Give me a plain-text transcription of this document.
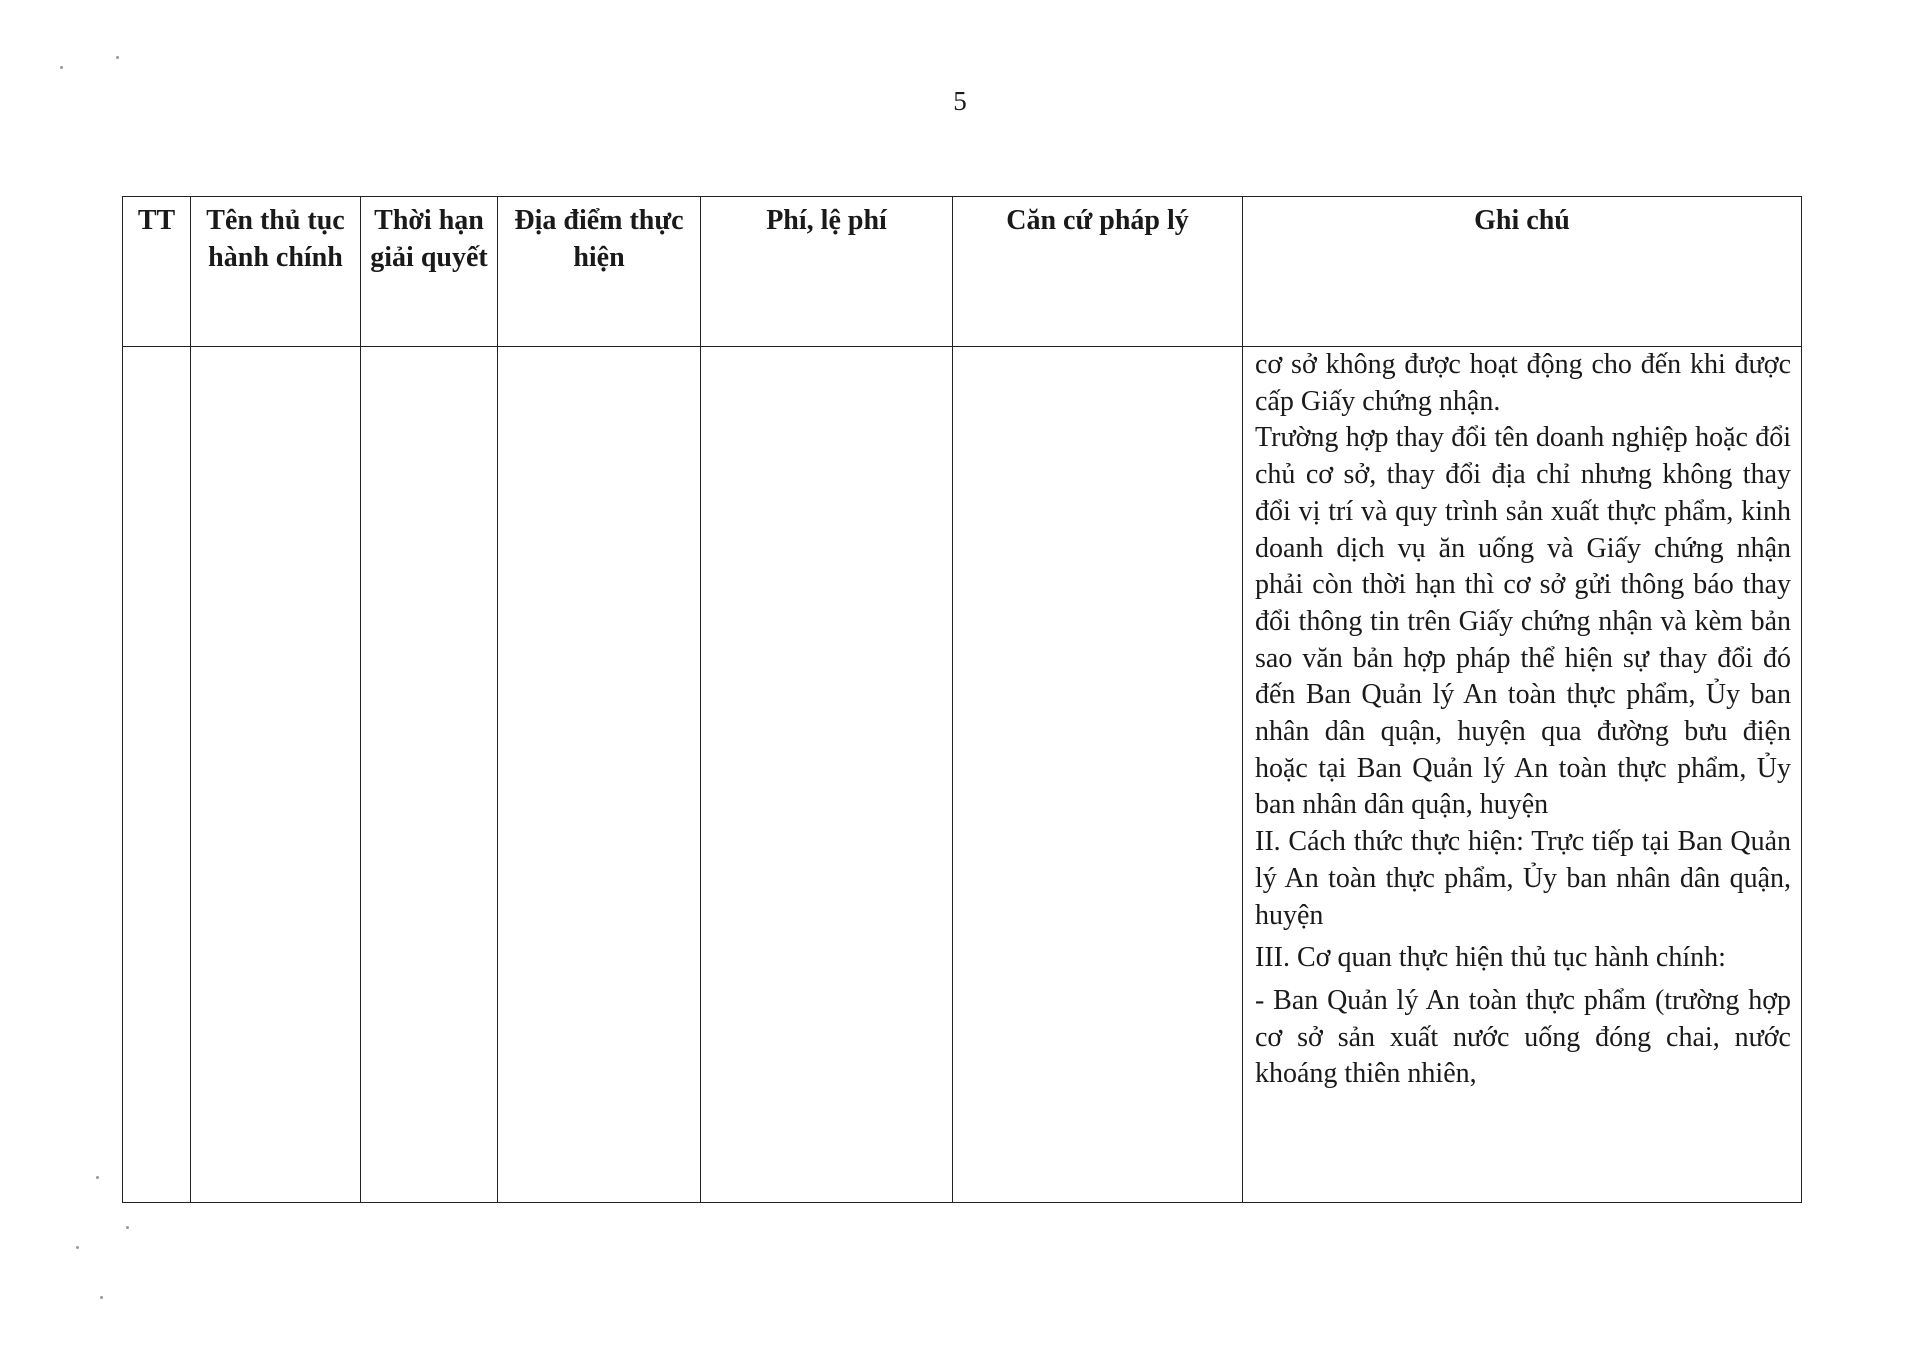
5
TT	Tên thủ tục hành chính	Thời hạn giải quyết	Địa điểm thực hiện	Phí, lệ phí	Căn cứ pháp lý	Ghi chú

						cơ sở không được hoạt động cho đến khi được cấp Giấy chứng nhận.

Trường hợp thay đổi tên doanh nghiệp hoặc đổi chủ cơ sở, thay đổi địa chỉ nhưng không thay đổi vị trí và quy trình sản xuất thực phẩm, kinh doanh dịch vụ ăn uống và Giấy chứng nhận phải còn thời hạn thì cơ sở gửi thông báo thay đổi thông tin trên Giấy chứng nhận và kèm bản sao văn bản hợp pháp thể hiện sự thay đổi đó đến Ban Quản lý An toàn thực phẩm, Ủy ban nhân dân quận, huyện qua đường bưu điện hoặc tại Ban Quản lý An toàn thực phẩm, Ủy ban nhân dân quận, huyện

II. Cách thức thực hiện: Trực tiếp tại Ban Quản lý An toàn thực phẩm, Ủy ban nhân dân quận, huyện

III. Cơ quan thực hiện thủ tục hành chính:

- Ban Quản lý An toàn thực phẩm (trường hợp cơ sở sản xuất nước uống đóng chai, nước khoáng thiên nhiên,
